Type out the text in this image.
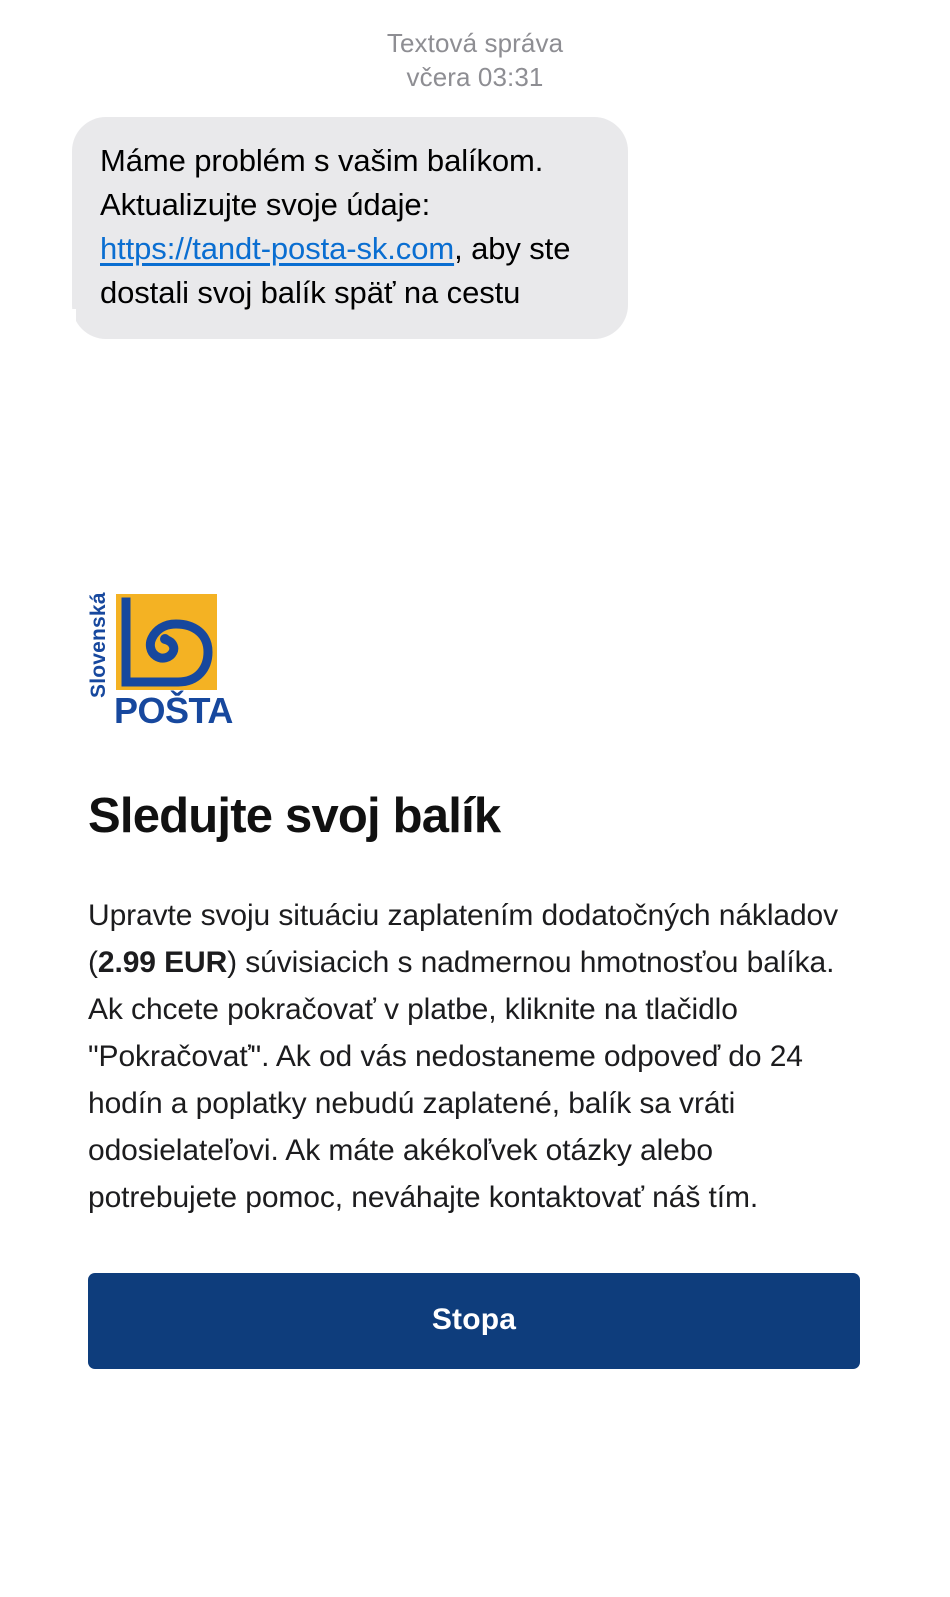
Textová správa
včera 03:31
Máme problém s vašim balíkom. Aktualizujte svoje údaje: https://tandt-posta-sk.com, aby ste dostali svoj balík späť na cestu
Slovenská
POŠTA
Sledujte svoj balík

Upravte svoju situáciu zaplatením dodatočných nákladov (2.99 EUR) súvisiacich s nadmernou hmotnosťou balíka. Ak chcete pokračovať v platbe, kliknite na tlačidlo "Pokračovať". Ak od vás nedostaneme odpoveď do 24 hodín a poplatky nebudú zaplatené, balík sa vráti odosielateľovi. Ak máte akékoľvek otázky alebo potrebujete pomoc, neváhajte kontaktovať náš tím.

Stopa
